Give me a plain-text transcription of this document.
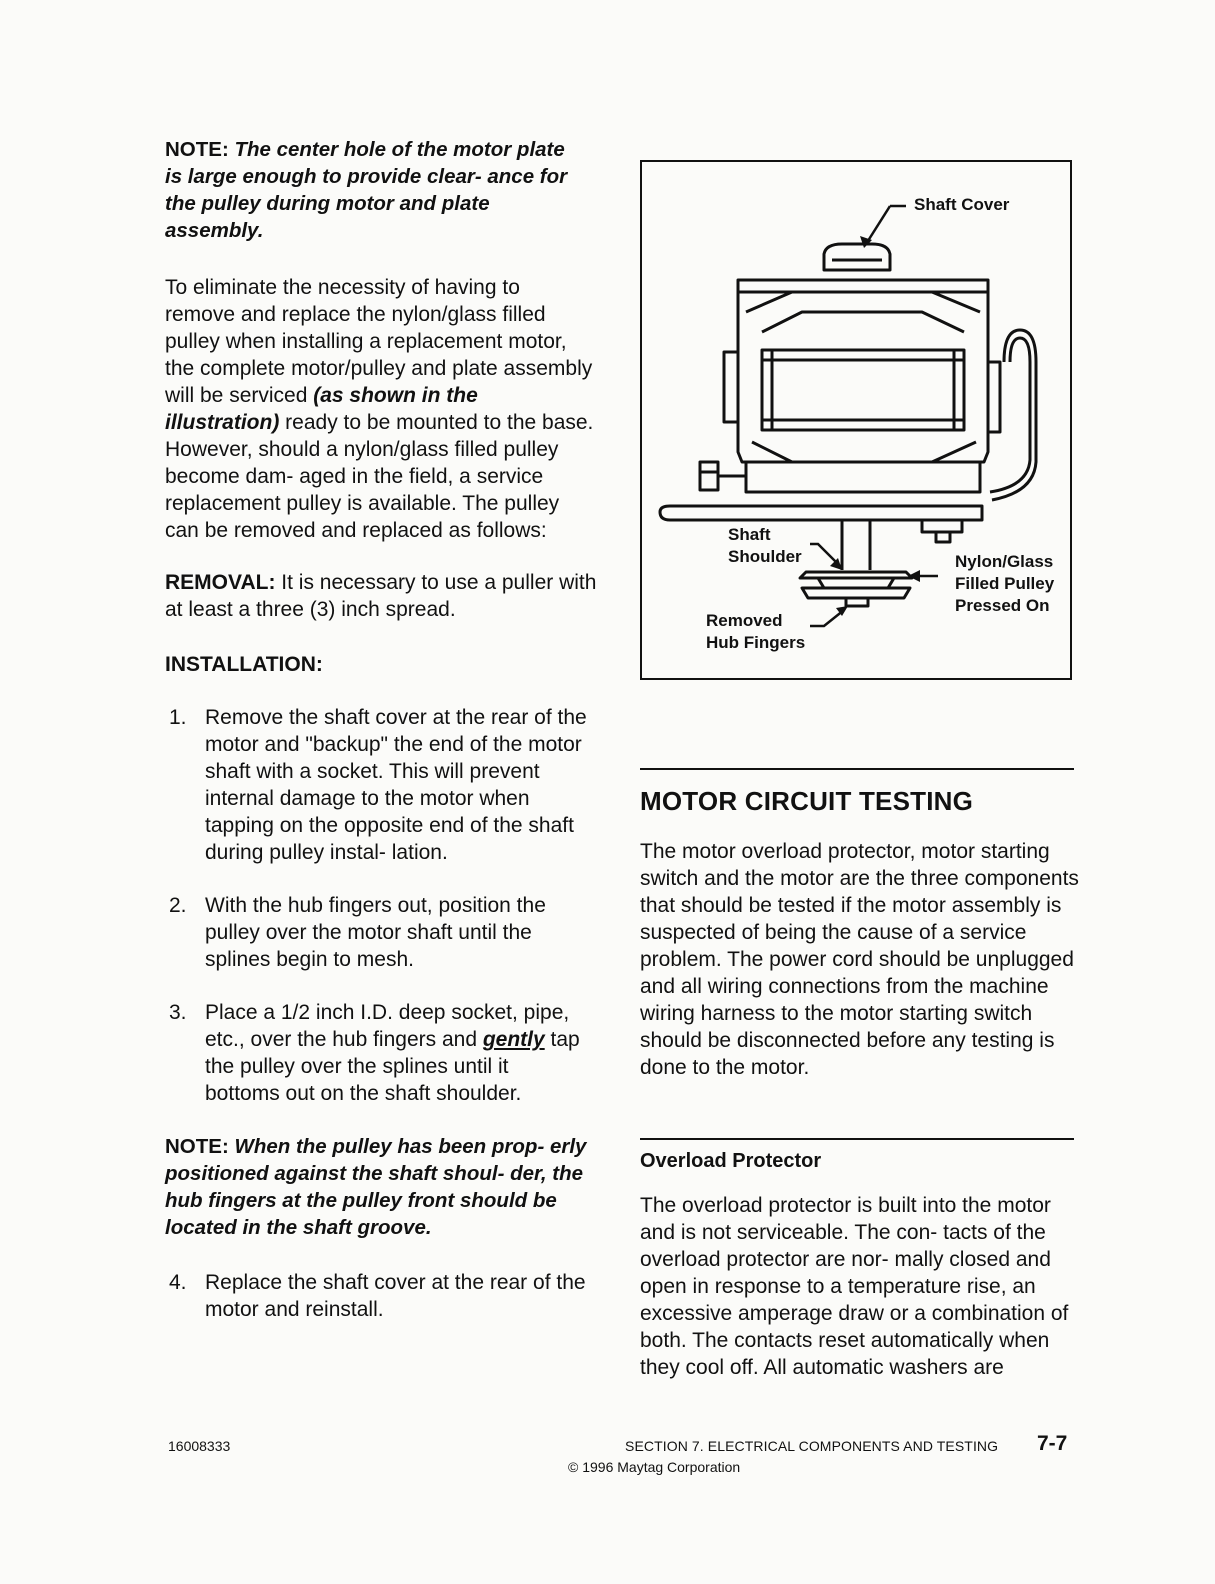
NOTE: The center hole of the motor plate is large enough to provide clear- ance for the pulley during motor and plate assembly.

To eliminate the necessity of having to remove and replace the nylon/glass filled pulley when installing a replacement motor, the complete motor/pulley and plate assembly will be serviced (as shown in the illustration) ready to be mounted to the base. However, should a nylon/glass filled pulley become dam- aged in the field, a service replacement pulley is available. The pulley can be removed and replaced as follows:

REMOVAL: It is necessary to use a puller with at least a three (3) inch spread.

INSTALLATION:

1. Remove the shaft cover at the rear of the motor and "backup" the end of the motor shaft with a socket. This will prevent internal damage to the motor when tapping on the opposite end of the shaft during pulley instal- lation.
2. With the hub fingers out, position the pulley over the motor shaft until the splines begin to mesh.
3. Place a 1/2 inch I.D. deep socket, pipe, etc., over the hub fingers and gently tap the pulley over the splines until it bottoms out on the shaft shoulder.

NOTE: When the pulley has been prop- erly positioned against the shaft shoul- der, the hub fingers at the pulley front should be located in the shaft groove.

4. Replace the shaft cover at the rear of the motor and reinstall.
Shaft Cover
Shaft
Shoulder	Nylon/Glass
Filled Pulley
Pressed On
Removed
Hub Fingers
MOTOR CIRCUIT TESTING

The motor overload protector, motor starting switch and the motor are the three components that should be tested if the motor assembly is suspected of being the cause of a service problem. The power cord should be unplugged and all wiring connections from the machine wiring harness to the motor starting switch should be disconnected before any testing is done to the motor.

Overload Protector

The overload protector is built into the motor and is not serviceable. The con- tacts of the overload protector are nor- mally closed and open in response to a temperature rise, an excessive amperage draw or a combination of both. The contacts reset automatically when they cool off. All automatic washers are

16008333	SECTION 7. ELECTRICAL COMPONENTS AND TESTING 7-7
© 1996 Maytag Corporation
